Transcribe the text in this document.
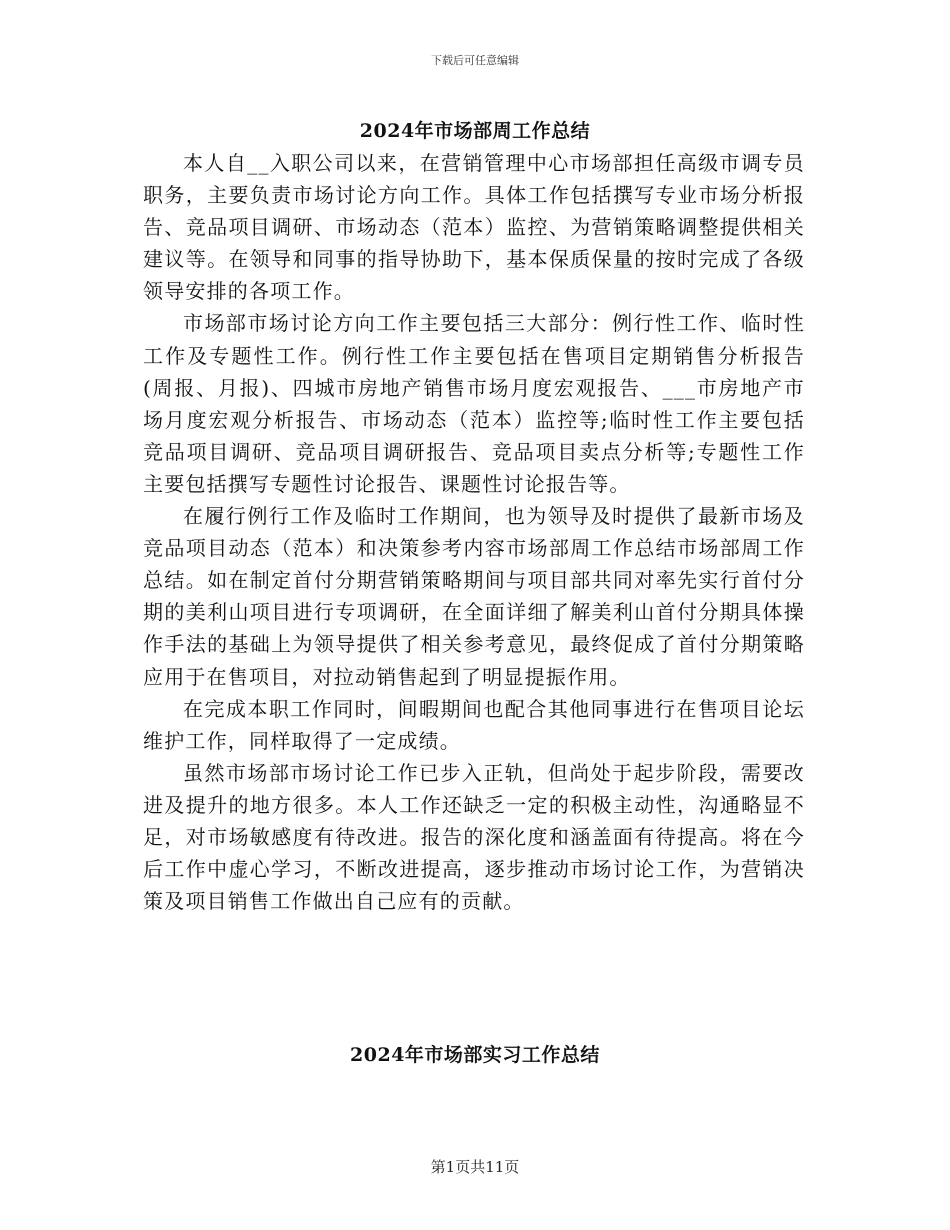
下载后可任意编辑
2024年市场部周工作总结

本人自__入职公司以来，在营销管理中心市场部担任高级市调专员职务，主要负责市场讨论方向工作。具体工作包括撰写专业市场分析报告、竞品项目调研、市场动态（范本）监控、为营销策略调整提供相关建议等。在领导和同事的指导协助下，基本保质保量的按时完成了各级领导安排的各项工作。

市场部市场讨论方向工作主要包括三大部分：例行性工作、临时性工作及专题性工作。例行性工作主要包括在售项目定期销售分析报告(周报、月报)、四城市房地产销售市场月度宏观报告、___市房地产市场月度宏观分析报告、市场动态（范本）监控等;临时性工作主要包括竞品项目调研、竞品项目调研报告、竞品项目卖点分析等;专题性工作主要包括撰写专题性讨论报告、课题性讨论报告等。

在履行例行工作及临时工作期间，也为领导及时提供了最新市场及竞品项目动态（范本）和决策参考内容市场部周工作总结市场部周工作总结。如在制定首付分期营销策略期间与项目部共同对率先实行首付分期的美利山项目进行专项调研，在全面详细了解美利山首付分期具体操作手法的基础上为领导提供了相关参考意见，最终促成了首付分期策略应用于在售项目，对拉动销售起到了明显提振作用。

在完成本职工作同时，间暇期间也配合其他同事进行在售项目论坛维护工作，同样取得了一定成绩。

虽然市场部市场讨论工作已步入正轨，但尚处于起步阶段，需要改进及提升的地方很多。本人工作还缺乏一定的积极主动性，沟通略显不足，对市场敏感度有待改进。报告的深化度和涵盖面有待提高。将在今后工作中虚心学习，不断改进提高，逐步推动市场讨论工作，为营销决策及项目销售工作做出自己应有的贡献。

2024年市场部实习工作总结
第1页共11页
